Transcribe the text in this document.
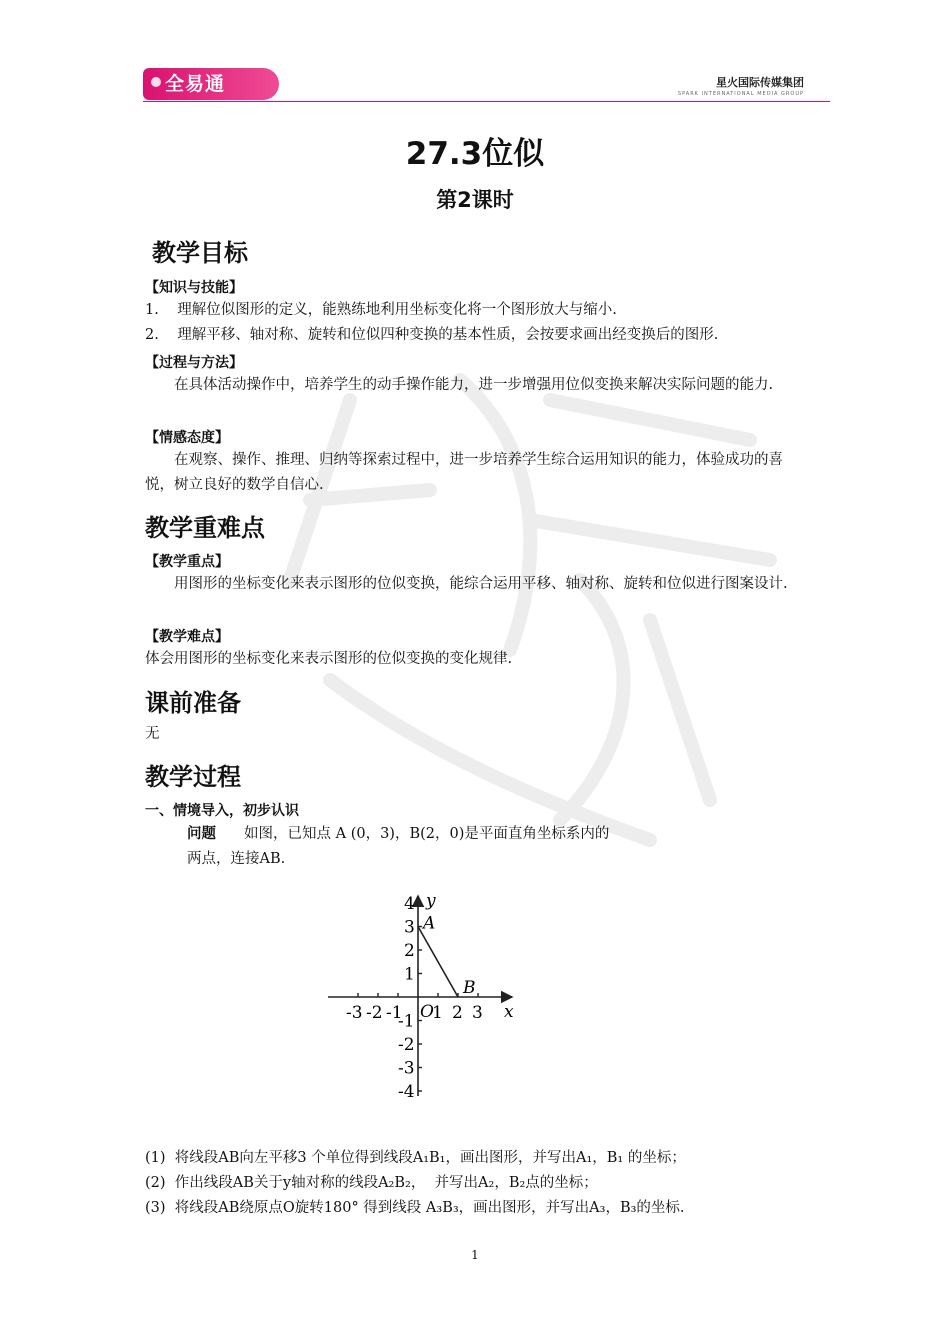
全易通	星火国际传媒集团
SPARK INTERNATIONAL MEDIA GROUP
27.3位似
第2课时
教学目标
【知识与技能】
1.    理解位似图形的定义，能熟练地利用坐标变化将一个图形放大与缩小.
2.    理解平移、轴对称、旋转和位似四种变换的基本性质，会按要求画出经变换后的图形.
【过程与方法】
在具体活动操作中，培养学生的动手操作能力，进一步增强用位似变换来解决实际问题的能力.
【情感态度】
在观察、操作、推理、归纳等探索过程中，进一步培养学生综合运用知识的能力，体验成功的喜悦，树立良好的数学自信心.
教学重难点
【教学重点】
用图形的坐标变化来表示图形的位似变换，能综合运用平移、轴对称、旋转和位似进行图案设计.
【教学难点】
体会用图形的坐标变化来表示图形的位似变换的变化规律.
课前准备
无
教学过程
一、情境导入，初步认识
问题 如图，已知点 A (0，3)，B(2，0)是平面直角坐标系内的
两点，连接AB.
x
y
O
-3 -2 -1 1 2 3
1
2
3
4
-1
-2
-3
-4
A
B
(1)  将线段AB向左平移3 个单位得到线段A₁B₁，画出图形，并写出A₁，B₁ 的坐标；
(2)  作出线段AB关于y轴对称的线段A₂B₂，  并写出A₂，B₂点的坐标；
(3)  将线段AB绕原点O旋转180° 得到线段 A₃B₃，画出图形，并写出A₃，B₃的坐标.
1
